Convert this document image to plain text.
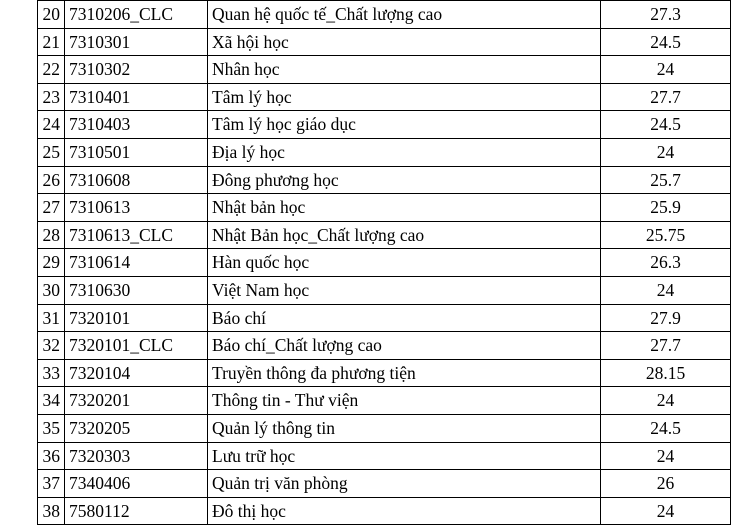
20	7310206_CLC	Quan hệ quốc tế_Chất lượng cao	27.3
21	7310301	Xã hội học	24.5
22	7310302	Nhân học	24
23	7310401	Tâm lý học	27.7
24	7310403	Tâm lý học giáo dục	24.5
25	7310501	Địa lý học	24
26	7310608	Đông phương học	25.7
27	7310613	Nhật bản học	25.9
28	7310613_CLC	Nhật Bản học_Chất lượng cao	25.75
29	7310614	Hàn quốc học	26.3
30	7310630	Việt Nam học	24
31	7320101	Báo chí	27.9
32	7320101_CLC	Báo chí_Chất lượng cao	27.7
33	7320104	Truyền thông đa phương tiện	28.15
34	7320201	Thông tin - Thư viện	24
35	7320205	Quản lý thông tin	24.5
36	7320303	Lưu trữ học	24
37	7340406	Quản trị văn phòng	26
38	7580112	Đô thị học	24
